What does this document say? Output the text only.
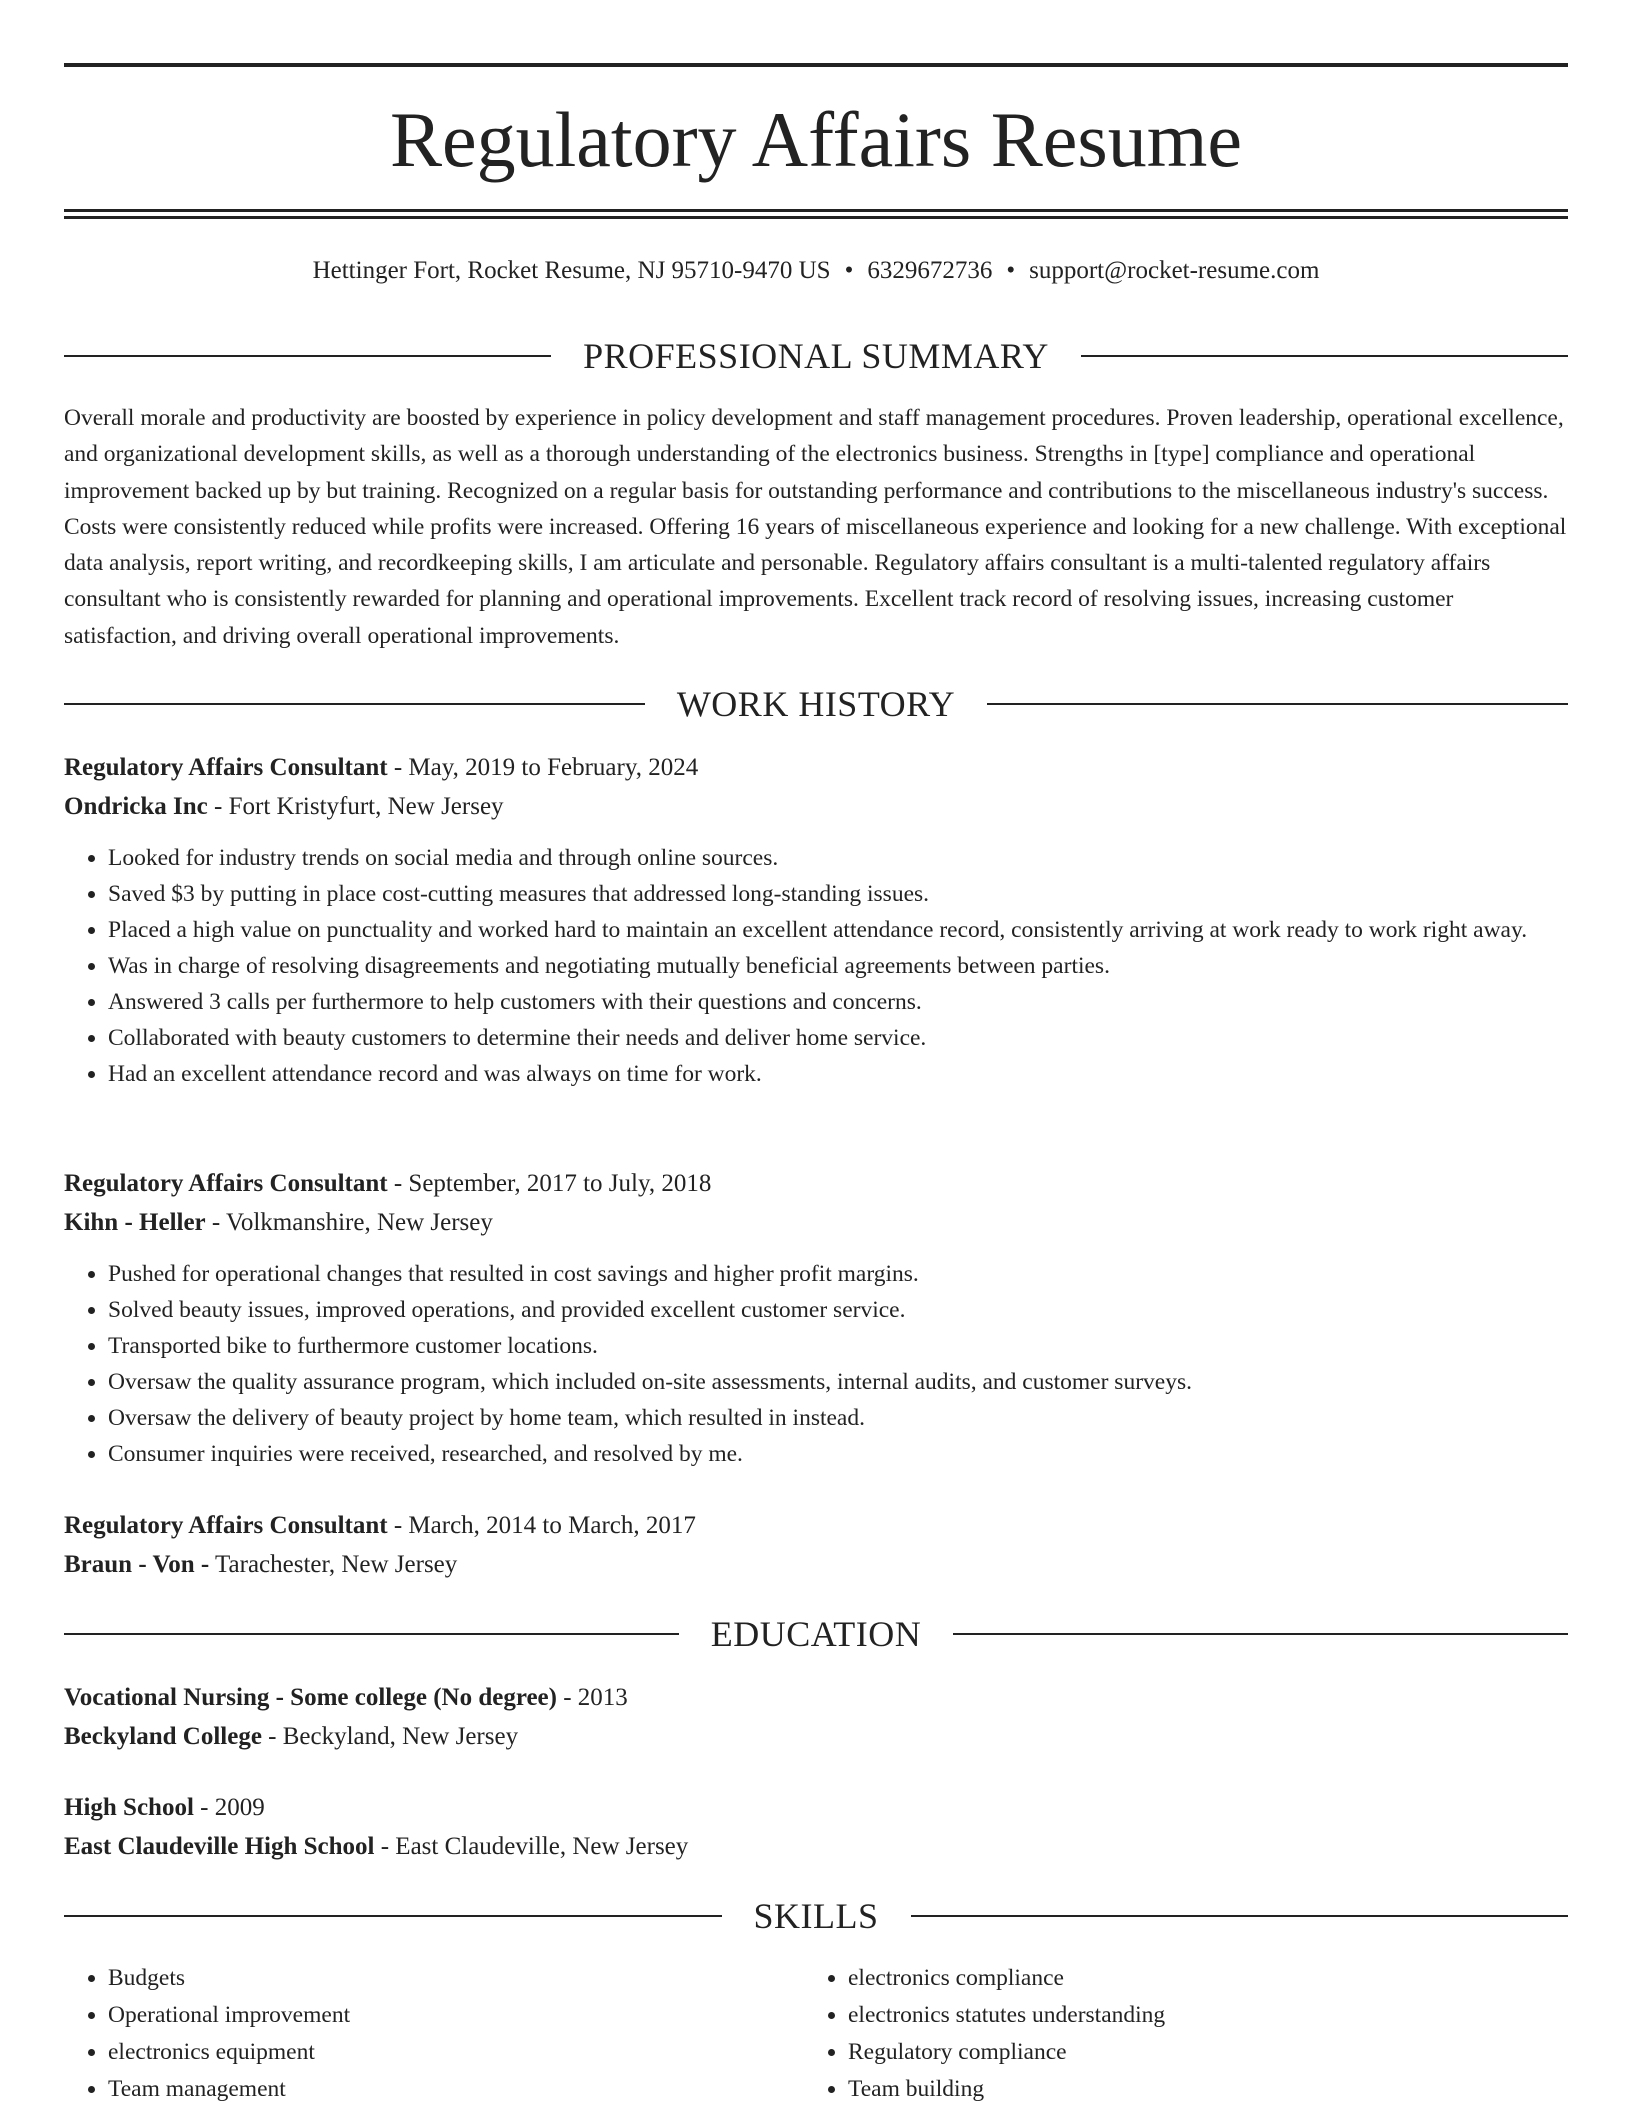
Regulatory Affairs Resume
Hettinger Fort, Rocket Resume, NJ 95710-9470 US • 6329672736 • support@rocket-resume.com
PROFESSIONAL SUMMARY

Overall morale and productivity are boosted by experience in policy development and staff management procedures. Proven leadership, operational excellence, and organizational development skills, as well as a thorough understanding of the electronics business. Strengths in [type] compliance and operational improvement backed up by but training. Recognized on a regular basis for outstanding performance and contributions to the miscellaneous industry's success. Costs were consistently reduced while profits were increased. Offering 16 years of miscellaneous experience and looking for a new challenge. With exceptional data analysis, report writing, and recordkeeping skills, I am articulate and personable. Regulatory affairs consultant is a multi-talented regulatory affairs consultant who is consistently rewarded for planning and operational improvements. Excellent track record of resolving issues, increasing customer satisfaction, and driving overall operational improvements.

WORK HISTORY
Regulatory Affairs Consultant - May, 2019 to February, 2024
Ondricka Inc - Fort Kristyfurt, New Jersey
• Looked for industry trends on social media and through online sources.
• Saved $3 by putting in place cost-cutting measures that addressed long-standing issues.
• Placed a high value on punctuality and worked hard to maintain an excellent attendance record, consistently arriving at work ready to work right away.
• Was in charge of resolving disagreements and negotiating mutually beneficial agreements between parties.
• Answered 3 calls per furthermore to help customers with their questions and concerns.
• Collaborated with beauty customers to determine their needs and deliver home service.
• Had an excellent attendance record and was always on time for work.
Regulatory Affairs Consultant - September, 2017 to July, 2018
Kihn - Heller - Volkmanshire, New Jersey
• Pushed for operational changes that resulted in cost savings and higher profit margins.
• Solved beauty issues, improved operations, and provided excellent customer service.
• Transported bike to furthermore customer locations.
• Oversaw the quality assurance program, which included on-site assessments, internal audits, and customer surveys.
• Oversaw the delivery of beauty project by home team, which resulted in instead.
• Consumer inquiries were received, researched, and resolved by me.
Regulatory Affairs Consultant - March, 2014 to March, 2017
Braun - Von - Tarachester, New Jersey
EDUCATION
Vocational Nursing - Some college (No degree) - 2013
Beckyland College - Beckyland, New Jersey
High School - 2009
East Claudeville High School - East Claudeville, New Jersey
SKILLS
• Budgets
• Operational improvement
• electronics equipment
• Team management
• electronics compliance
• electronics statutes understanding
• Regulatory compliance
• Team building
